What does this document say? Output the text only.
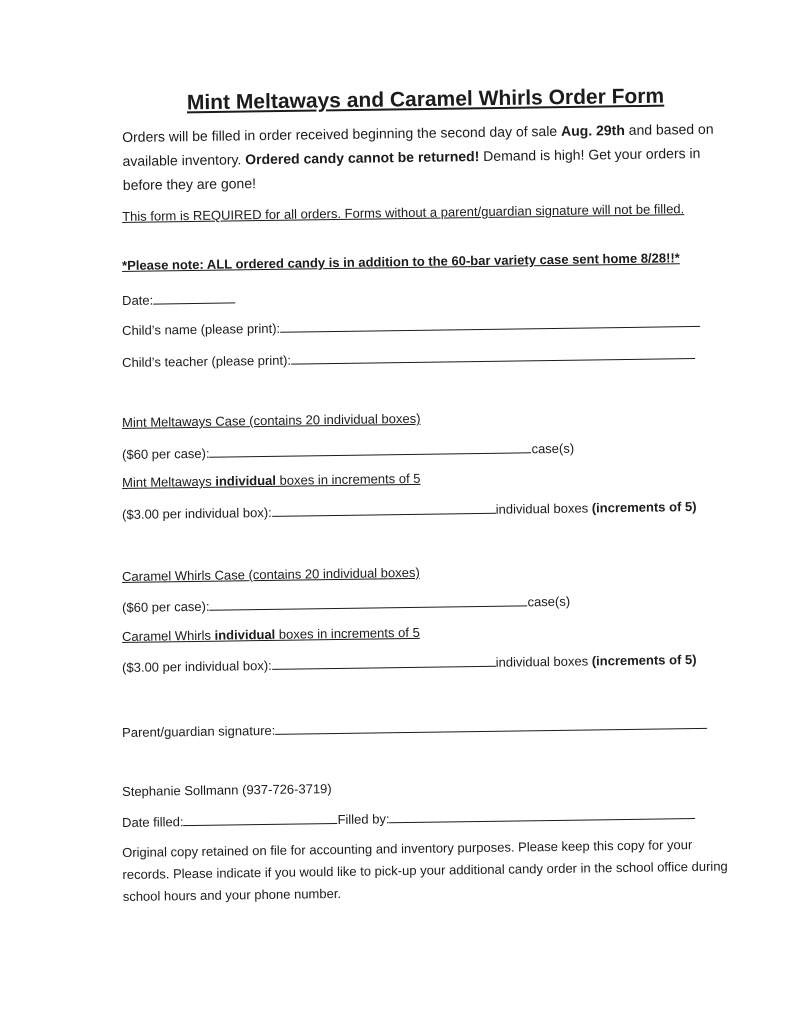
Mint Meltaways and Caramel Whirls Order Form

Orders will be filled in order received beginning the second day of sale Aug. 29th and based on available inventory. Ordered candy cannot be returned! Demand is high! Get your orders in before they are gone!

This form is REQUIRED for all orders. Forms without a parent/guardian signature will not be filled.

*Please note: ALL ordered candy is in addition to the 60-bar variety case sent home 8/28!!*

Date:
Child’s name (please print):
Child’s teacher (please print):
Mint Meltaways Case (contains 20 individual boxes)
($60 per case):	case(s)
Mint Meltaways individual boxes in increments of 5
($3.00 per individual box):	individual boxes (increments of 5)
Caramel Whirls Case (contains 20 individual boxes)
($60 per case):	case(s)
Caramel Whirls individual boxes in increments of 5
($3.00 per individual box):	individual boxes (increments of 5)
Parent/guardian signature:
Stephanie Sollmann (937-726-3719)
Date filled:	Filled by:

Original copy retained on file for accounting and inventory purposes. Please keep this copy for your records. Please indicate if you would like to pick-up your additional candy order in the school office during school hours and your phone number.
